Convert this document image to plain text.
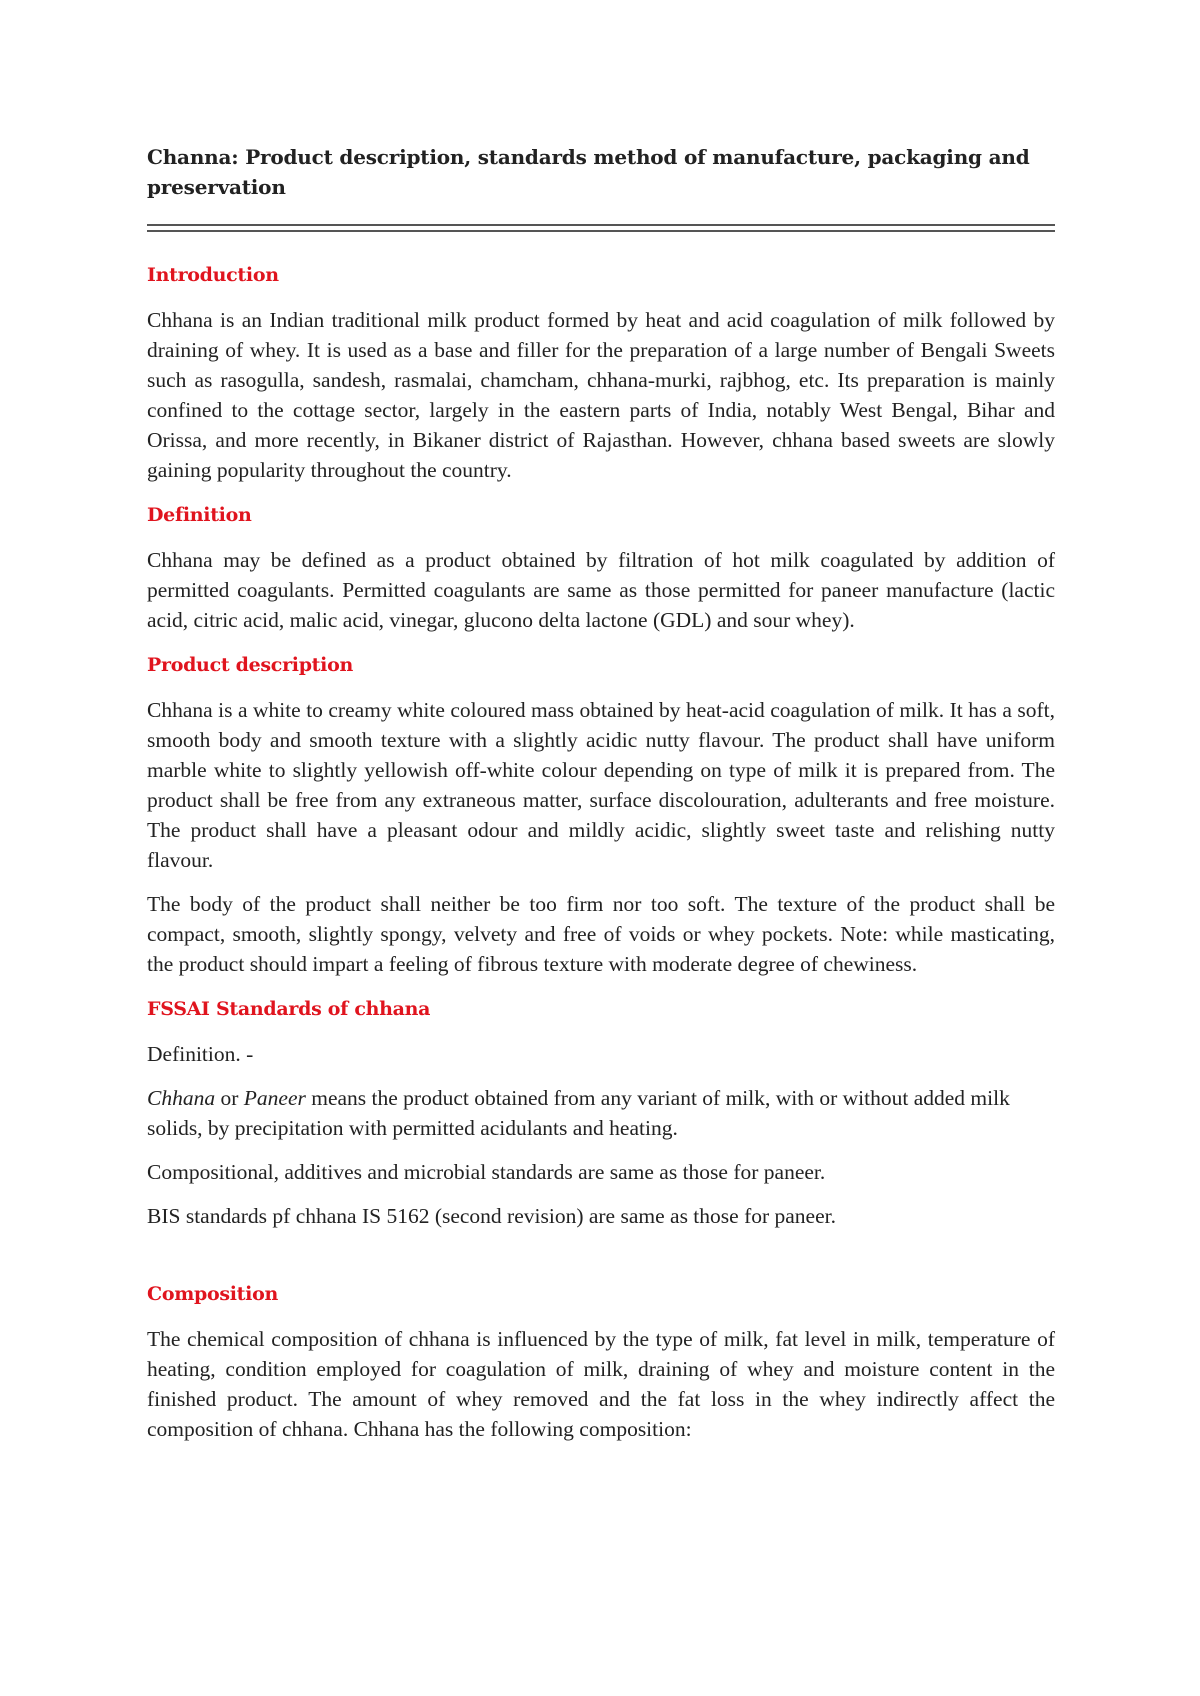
Channa: Product description, standards method of manufacture, packaging and preservation
Introduction

Chhana is an Indian traditional milk product formed by heat and acid coagulation of milk followed by draining of whey. It is used as a base and filler for the preparation of a large number of Bengali Sweets such as rasogulla, sandesh, rasmalai, chamcham, chhana-murki, rajbhog, etc. Its preparation is mainly confined to the cottage sector, largely in the eastern parts of India, notably West Bengal, Bihar and Orissa, and more recently, in Bikaner district of Rajasthan. However, chhana based sweets are slowly gaining popularity throughout the country.

Definition

Chhana may be defined as a product obtained by filtration of hot milk coagulated by addition of permitted coagulants. Permitted coagulants are same as those permitted for paneer manufacture (lactic acid, citric acid, malic acid, vinegar, glucono delta lactone (GDL) and sour whey).

Product description

Chhana is a white to creamy white coloured mass obtained by heat-acid coagulation of milk. It has a soft, smooth body and smooth texture with a slightly acidic nutty flavour. The product shall have uniform marble white to slightly yellowish off-white colour depending on type of milk it is prepared from. The product shall be free from any extraneous matter, surface discolouration, adulterants and free moisture. The product shall have a pleasant odour and mildly acidic, slightly sweet taste and relishing nutty flavour.

The body of the product shall neither be too firm nor too soft. The texture of the product shall be compact, smooth, slightly spongy, velvety and free of voids or whey pockets. Note: while masticating, the product should impart a feeling of fibrous texture with moderate degree of chewiness.

FSSAI Standards of chhana

Definition. -

Chhana or Paneer means the product obtained from any variant of milk, with or without added milk solids, by precipitation with permitted acidulants and heating.

Compositional, additives and microbial standards are same as those for paneer.

BIS standards pf chhana IS 5162 (second revision) are same as those for paneer.

Composition

The chemical composition of chhana is influenced by the type of milk, fat level in milk, temperature of heating, condition employed for coagulation of milk, draining of whey and moisture content in the finished product. The amount of whey removed and the fat loss in the whey indirectly affect the composition of chhana. Chhana has the following composition:
